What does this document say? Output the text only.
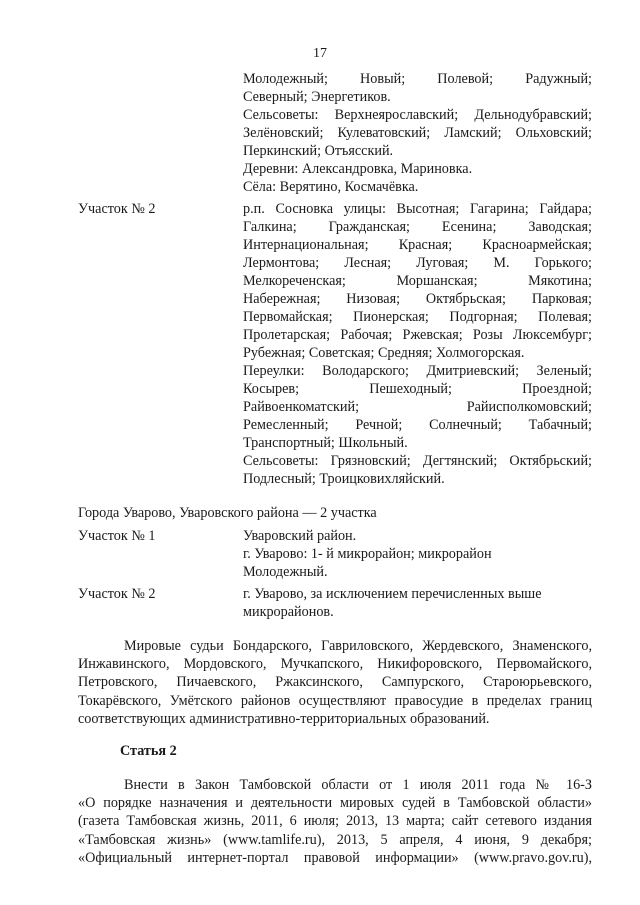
17
Молодежный; Новый; Полевой; Радужный;
Северный; Энергетиков.
Сельсоветы: Верхнеярославский; Дельнодубравский;
Зелёновский; Кулеватовский; Ламский; Ольховский;
Перкинский; Отъясский.
Деревни: Александровка, Мариновка.
Сёла: Верятино, Космачёвка.
Участок № 2	р.п. Сосновка улицы: Высотная; Гагарина; Гайдара;
Галкина; Гражданская; Есенина; Заводская;
Интернациональная; Красная; Красноармейская;
Лермонтова; Лесная; Луговая; М. Горького;
Мелкореченская; Моршанская; Мякотина;
Набережная; Низовая; Октябрьская; Парковая;
Первомайская; Пионерская; Подгорная; Полевая;
Пролетарская; Рабочая; Ржевская; Розы Люксембург;
Рубежная; Советская; Средняя; Холмогорская.
Переулки: Володарского; Дмитриевский; Зеленый;
Косырев; Пешеходный; Проездной;
Райвоенкоматский; Райисполкомовский;
Ремесленный; Речной; Солнечный; Табачный;
Транспортный; Школьный.
Сельсоветы: Грязновский; Дегтянский; Октябрьский;
Подлесный; Троицковихляйский.
Города Уварово, Уваровского района — 2 участка
Участок № 1	Уваровский район.
г. Уварово: 1- й микрорайон; микрорайон
Молодежный.
Участок № 2	г. Уварово, за исключением перечисленных выше
микрорайонов.
Мировые судьи Бондарского, Гавриловского, Жердевского, Знаменского,
Инжавинского, Мордовского, Мучкапского, Никифоровского, Первомайского,
Петровского, Пичаевского, Ржаксинского, Сампурского, Староюрьевского,
Токарёвского, Умётского районов осуществляют правосудие в пределах границ
соответствующих административно-территориальных образований.
Статья 2
Внести в Закон Тамбовской области от 1 июля 2011 года № 16-З
«О порядке назначения и деятельности мировых судей в Тамбовской области»
(газета Тамбовская жизнь, 2011, 6 июля; 2013, 13 марта; сайт сетевого издания
«Тамбовская жизнь» (www.tamlife.ru), 2013, 5 апреля, 4 июня, 9 декабря;
«Официальный интернет-портал правовой информации» (www.pravo.gov.ru),
